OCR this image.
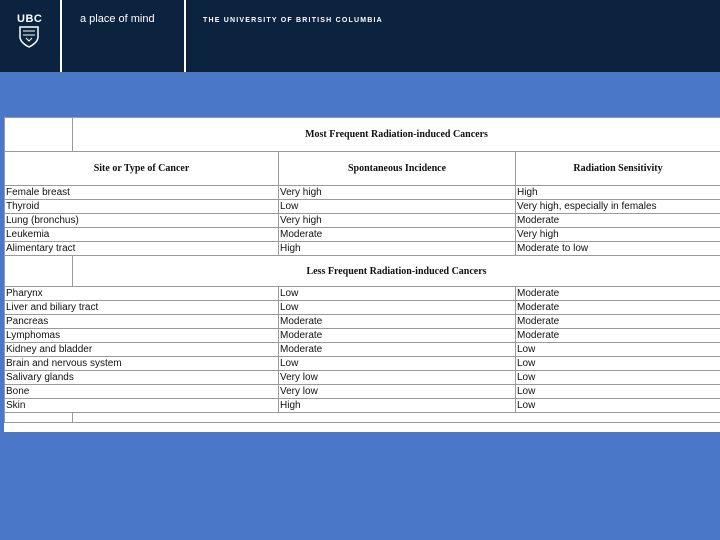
UBC	a place of mind	THE UNIVERSITY OF BRITISH COLUMBIA
	Most Frequent Radiation-induced Cancers		
Site or Type of Cancer		Spontaneous Incidence	Radiation Sensitivity
Female breast		Very high	High
Thyroid		Low	Very high, especially in females
Lung (bronchus)		Very high	Moderate
Leukemia		Moderate	Very high
Alimentary tract		High	Moderate to low
	Less Frequent Radiation-induced Cancers		
Pharynx		Low	Moderate
Liver and biliary tract		Low	Moderate
Pancreas		Moderate	Moderate
Lymphomas		Moderate	Moderate
Kidney and bladder		Moderate	Low
Brain and nervous system		Low	Low
Salivary glands		Very low	Low
Bone		Very low	Low
Skin		High	Low
